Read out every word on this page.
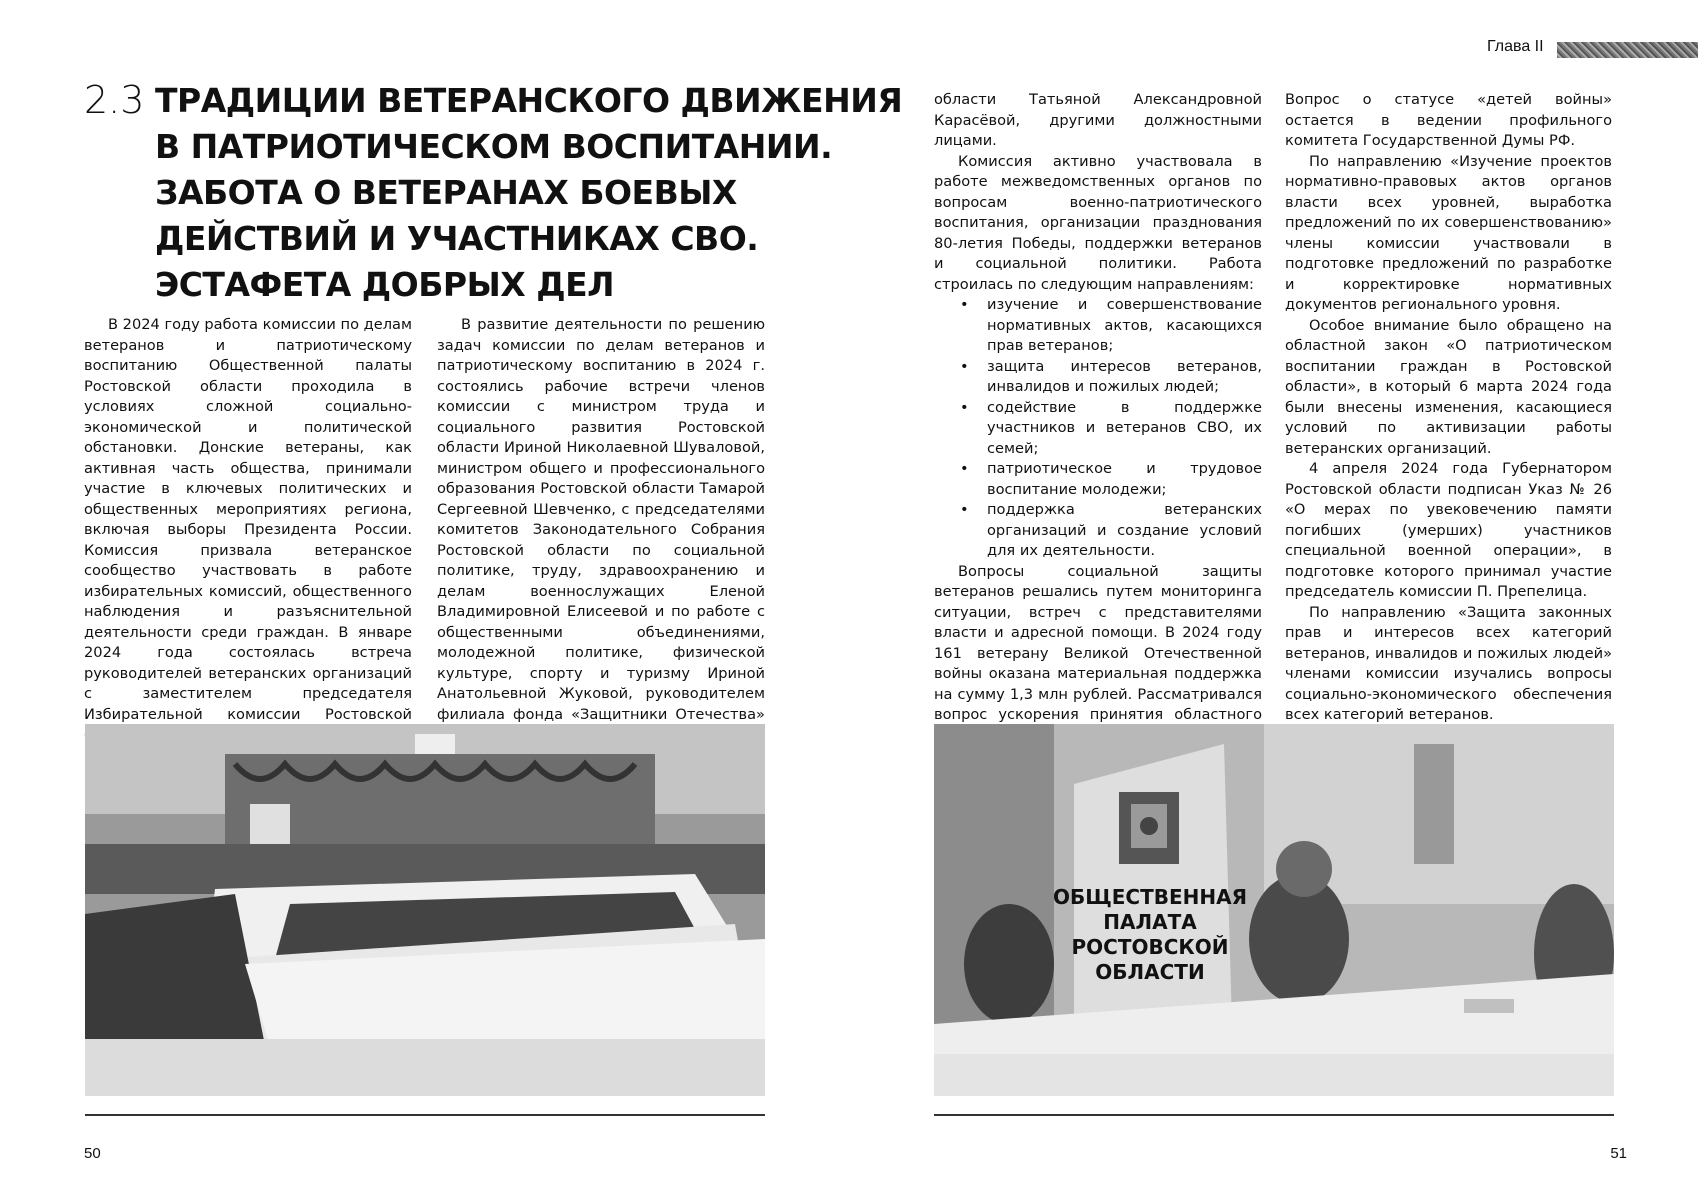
2.3 ТРАДИЦИИ ВЕТЕРАНСКОГО ДВИЖЕНИЯ
В ПАТРИОТИЧЕСКОМ ВОСПИТАНИИ.
ЗАБОТА О ВЕТЕРАНАХ БОЕВЫХ
ДЕЙСТВИЙ И УЧАСТНИКАХ СВО.
ЭСТАФЕТА ДОБРЫХ ДЕЛ

В 2024 году работа комиссии по делам ветеранов и патриотическому воспитанию Общественной палаты Ростовской области проходила в условиях сложной социально-экономической и политической обстановки. Донские ветераны, как активная часть общества, принимали участие в ключевых политических и общественных мероприятиях региона, включая выборы Президента России. Комиссия призвала ветеранское сообщество участвовать в работе избирательных комиссий, общественного наблюдения и разъяснительной деятельности среди граждан. В январе 2024 года состоялась встреча руководителей ветеранских организаций с заместителем председателя Избирательной комиссии Ростовской

В развитие деятельности по решению задач комиссии по делам ветеранов и патриотическому воспитанию в 2024 г. состоялись рабочие встречи членов комиссии с министром труда и социального развития Ростовской области Ириной Николаевной Шуваловой, министром общего и профессионального образования Ростовской области Тамарой Сергеевной Шевченко, с председателями комитетов Законодательного Собрания Ростовской области по социальной политике, труду, здравоохранению и делам военнослужащих Еленой Владимировной Елисеевой и по работе с общественными объединениями, молодежной политике, физической культуре, спорту и туризму Ириной Анатольевной Жуковой, руководителем филиала фонда «Защитники Отечества»

50
Глава II

области Татьяной Александровной Карасёвой, другими должностными лицами.

Комиссия активно участвовала в работе межведомственных органов по вопросам военно-патриотического воспитания, организации празднования 80-летия Победы, поддержки ветеранов и социальной политики. Работа строилась по следующим направлениям:

• изучение и совершенствование нормативных актов, касающихся прав ветеранов;
• защита интересов ветеранов, инвалидов и пожилых людей;
• содействие в поддержке участников и ветеранов СВО, их семей;
• патриотическое и трудовое воспитание молодежи;
• поддержка ветеранских организаций и создание условий для их деятельности.

Вопросы социальной защиты ветеранов решались путем мониторинга ситуации, встреч с представителями власти и адресной помощи. В 2024 году 161 ветерану Великой Отечественной войны оказана материальная поддержка на сумму 1,3 млн рублей. Рассматривался вопрос ускорения принятия областного

Вопрос о статусе «детей войны» остается в ведении профильного комитета Государственной Думы РФ.

По направлению «Изучение проектов нормативно-правовых актов органов власти всех уровней, выработка предложений по их совершенствованию» члены комиссии участвовали в подготовке предложений по разработке и корректировке нормативных документов регионального уровня.

Особое внимание было обращено на областной закон «О патриотическом воспитании граждан в Ростовской области», в который 6 марта 2024 года были внесены изменения, касающиеся условий по активизации работы ветеранских организаций.

4 апреля 2024 года Губернатором Ростовской области подписан Указ № 26 «О мерах по увековечению памяти погибших (умерших) участников специальной военной операции», в подготовке которого принимал участие председатель комиссии П. Препелица.

По направлению «Защита законных прав и интересов всех категорий ветеранов, инвалидов и пожилых людей» членами комиссии изучались вопросы социально-экономического обеспечения всех категорий ветеранов.

ОБЩЕСТВЕННАЯ
ПАЛАТА
РОСТОВСКОЙ
ОБЛАСТИ
51
